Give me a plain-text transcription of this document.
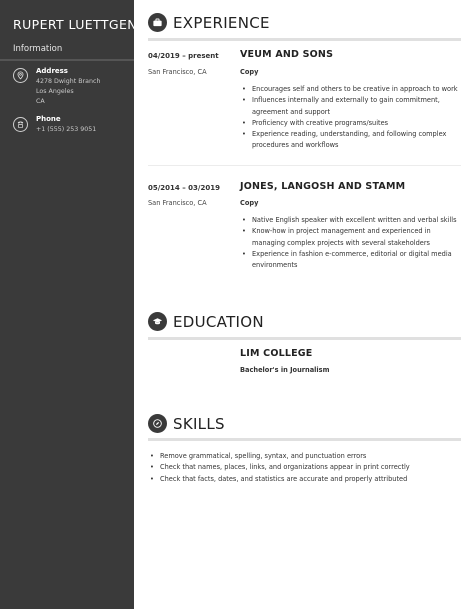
RUPERT LUETTGEN
Information
Address
4278 Dwight Branch
Los Angeles
CA
Phone
+1 (555) 253 9051
EXPERIENCE
04/2019 – present
San Francisco, CA
VEUM AND SONS
Copy
• Encourages self and others to be creative in approach to work
• Influences internally and externally to gain commitment,
agreement and support
• Proficiency with creative programs/suites
• Experience reading, understanding, and following complex
procedures and workflows
05/2014 – 03/2019
San Francisco, CA
JONES, LANGOSH AND STAMM
Copy
• Native English speaker with excellent written and verbal skills
• Know-how in project management and experienced in
managing complex projects with several stakeholders
• Experience in fashion e-commerce, editorial or digital media
environments
EDUCATION
LIM COLLEGE
Bachelor's in Journalism
SKILLS
• Remove grammatical, spelling, syntax, and punctuation errors
• Check that names, places, links, and organizations appear in print correctly
• Check that facts, dates, and statistics are accurate and properly attributed
